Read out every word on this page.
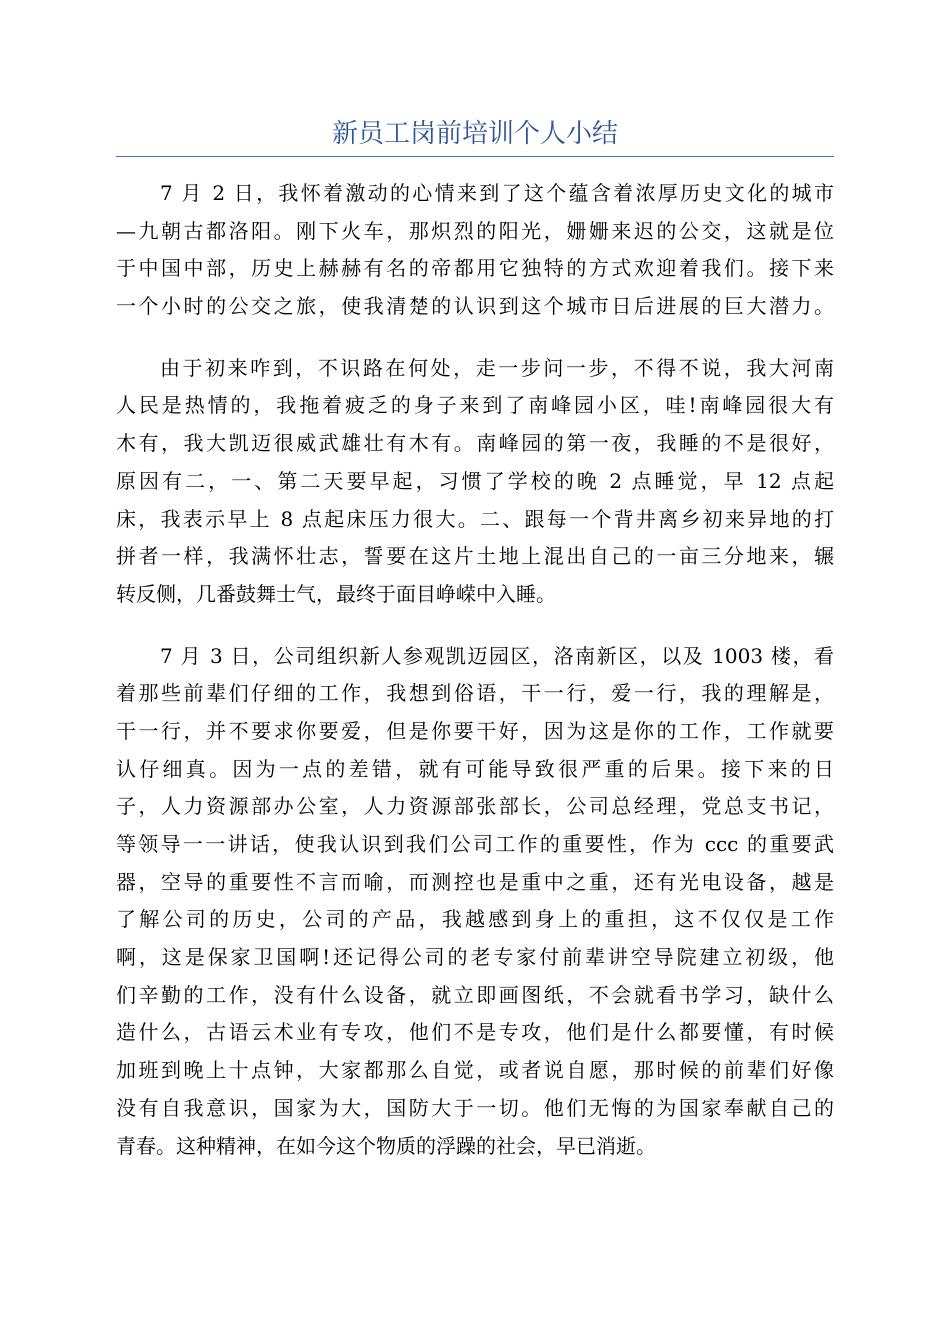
新员工岗前培训个人小结
7 月 2 日，我怀着激动的心情来到了这个蕴含着浓厚历史文化的城市
—九朝古都洛阳。刚下火车，那炽烈的阳光，姗姗来迟的公交，这就是位
于中国中部，历史上赫赫有名的帝都用它独特的方式欢迎着我们。接下来
一个小时的公交之旅，使我清楚的认识到这个城市日后进展的巨大潜力。
由于初来咋到，不识路在何处，走一步问一步，不得不说，我大河南
人民是热情的，我拖着疲乏的身子来到了南峰园小区，哇!南峰园很大有
木有，我大凯迈很威武雄壮有木有。南峰园的第一夜，我睡的不是很好，
原因有二，一、第二天要早起，习惯了学校的晚 2 点睡觉，早 12 点起
床，我表示早上 8 点起床压力很大。二、跟每一个背井离乡初来异地的打
拼者一样，我满怀壮志，誓要在这片土地上混出自己的一亩三分地来，辗
转反侧，几番鼓舞士气，最终于面目峥嵘中入睡。
7 月 3 日，公司组织新人参观凯迈园区，洛南新区，以及 1003 楼，看
着那些前辈们仔细的工作，我想到俗语，干一行，爱一行，我的理解是，
干一行，并不要求你要爱，但是你要干好，因为这是你的工作，工作就要
认仔细真。因为一点的差错，就有可能导致很严重的后果。接下来的日
子，人力资源部办公室，人力资源部张部长，公司总经理，党总支书记，
等领导一一讲话，使我认识到我们公司工作的重要性，作为 ccc 的重要武
器，空导的重要性不言而喻，而测控也是重中之重，还有光电设备，越是
了解公司的历史，公司的产品，我越感到身上的重担，这不仅仅是工作
啊，这是保家卫国啊!还记得公司的老专家付前辈讲空导院建立初级，他
们辛勤的工作，没有什么设备，就立即画图纸，不会就看书学习，缺什么
造什么，古语云术业有专攻，他们不是专攻，他们是什么都要懂，有时候
加班到晚上十点钟，大家都那么自觉，或者说自愿，那时候的前辈们好像
没有自我意识，国家为大，国防大于一切。他们无悔的为国家奉献自己的
青春。这种精神，在如今这个物质的浮躁的社会，早已消逝。
